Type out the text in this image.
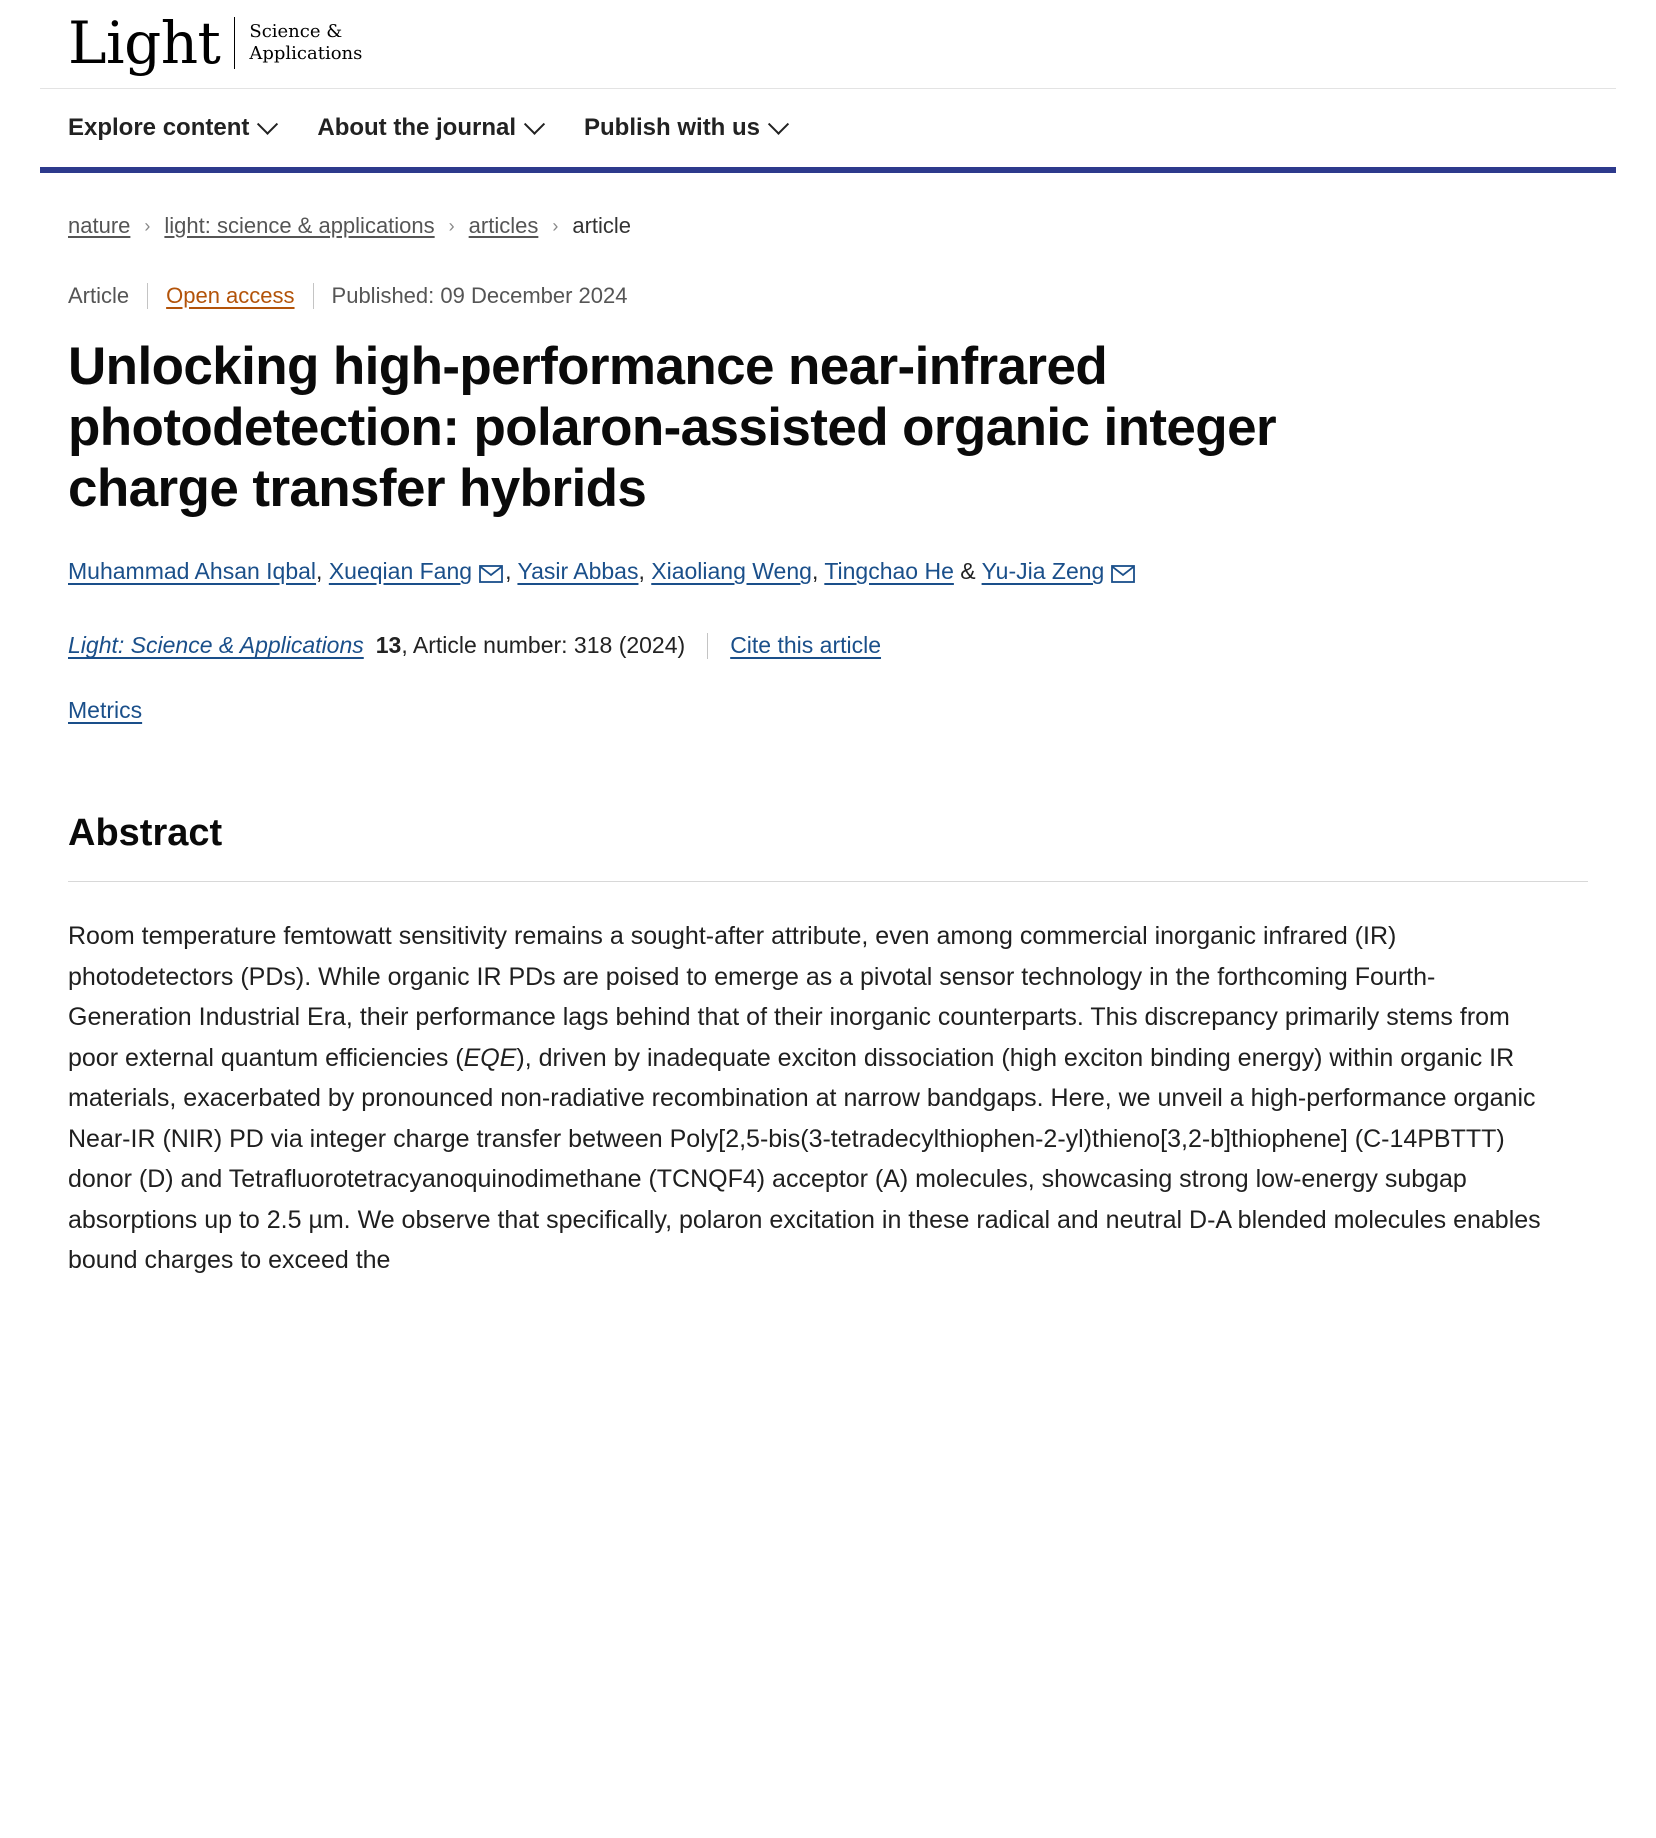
Light Science &
Applications
Explore content	About the journal	Publish with us
nature › light: science & applications › articles › article
Article Open access Published: 09 December 2024
Unlocking high-performance near-infrared photodetection: polaron-assisted organic integer charge transfer hybrids
Muhammad Ahsan Iqbal, Xueqian Fang , Yasir Abbas, Xiaoliang Weng, Tingchao He & Yu-Jia Zeng
Light: Science & Applications 13 , Article number: 318 (2024) Cite this article
Metrics
Abstract

Room temperature femtowatt sensitivity remains a sought-after attribute, even among commercial inorganic infrared (IR) photodetectors (PDs). While organic IR PDs are poised to emerge as a pivotal sensor technology in the forthcoming Fourth-Generation Industrial Era, their performance lags behind that of their inorganic counterparts. This discrepancy primarily stems from poor external quantum efficiencies (EQE), driven by inadequate exciton dissociation (high exciton binding energy) within organic IR materials, exacerbated by pronounced non-radiative recombination at narrow bandgaps. Here, we unveil a high-performance organic Near-IR (NIR) PD via integer charge transfer between Poly[2,5-bis(3-tetradecylthiophen-2-yl)thieno[3,2-b]thiophene] (C-14PBTTT) donor (D) and Tetrafluorotetracyanoquinodimethane (TCNQF4) acceptor (A) molecules, showcasing strong low-energy subgap absorptions up to 2.5 µm. We observe that specifically, polaron excitation in these radical and neutral D-A blended molecules enables bound charges to exceed the
